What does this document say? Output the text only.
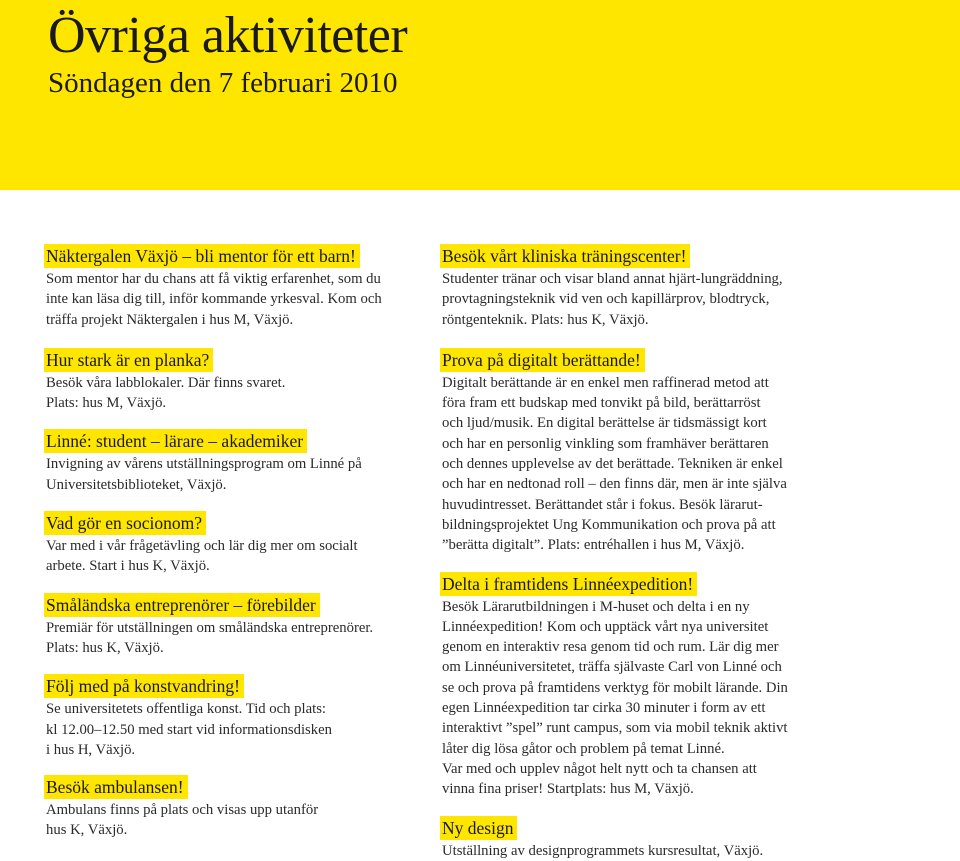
Övriga aktiviteter
Söndagen den 7 februari 2010
Näktergalen Växjö – bli mentor för ett barn!

Som mentor har du chans att få viktig erfarenhet, som du

inte kan läsa dig till, inför kommande yrkesval. Kom och

träffa projekt Näktergalen i hus M, Växjö.

Hur stark är en planka?

Besök våra labblokaler. Där finns svaret.

Plats: hus M, Växjö.

Linné: student – lärare – akademiker

Invigning av vårens utställningsprogram om Linné på

Universitetsbiblioteket, Växjö.

Vad gör en socionom?

Var med i vår frågetävling och lär dig mer om socialt

arbete. Start i hus K, Växjö.

Småländska entreprenörer – förebilder

Premiär för utställningen om småländska entreprenörer.

Plats: hus K, Växjö.

Följ med på konstvandring!

Se universitetets offentliga konst. Tid och plats:

kl 12.00–12.50 med start vid informationsdisken

i hus H, Växjö.

Besök ambulansen!

Ambulans finns på plats och visas upp utanför

hus K, Växjö.

Besök vårt kliniska träningscenter!

Studenter tränar och visar bland annat hjärt-lungräddning,

provtagningsteknik vid ven och kapillärprov, blodtryck,

röntgenteknik. Plats: hus K, Växjö.

Prova på digitalt berättande!

Digitalt berättande är en enkel men raffinerad metod att

föra fram ett budskap med tonvikt på bild, berättarröst

och ljud/musik. En digital berättelse är tidsmässigt kort

och har en personlig vinkling som framhäver berättaren

och dennes upplevelse av det berättade. Tekniken är enkel

och har en nedtonad roll – den finns där, men är inte själva

huvudintresset. Berättandet står i fokus. Besök lärarut-

bildningsprojektet Ung Kommunikation och prova på att

”berätta digitalt”. Plats: entréhallen i hus M, Växjö.

Delta i framtidens Linnéexpedition!

Besök Lärarutbildningen i M-huset och delta i en ny

Linnéexpedition! Kom och upptäck vårt nya universitet

genom en interaktiv resa genom tid och rum. Lär dig mer

om Linnéuniversitetet, träffa självaste Carl von Linné och

se och prova på framtidens verktyg för mobilt lärande. Din

egen Linnéexpedition tar cirka 30 minuter i form av ett

interaktivt ”spel” runt campus, som via mobil teknik aktivt

låter dig lösa gåtor och problem på temat Linné.

Var med och upplev något helt nytt och ta chansen att

vinna fina priser! Startplats: hus M, Växjö.

Ny design

Utställning av designprogrammets kursresultat, Växjö.
